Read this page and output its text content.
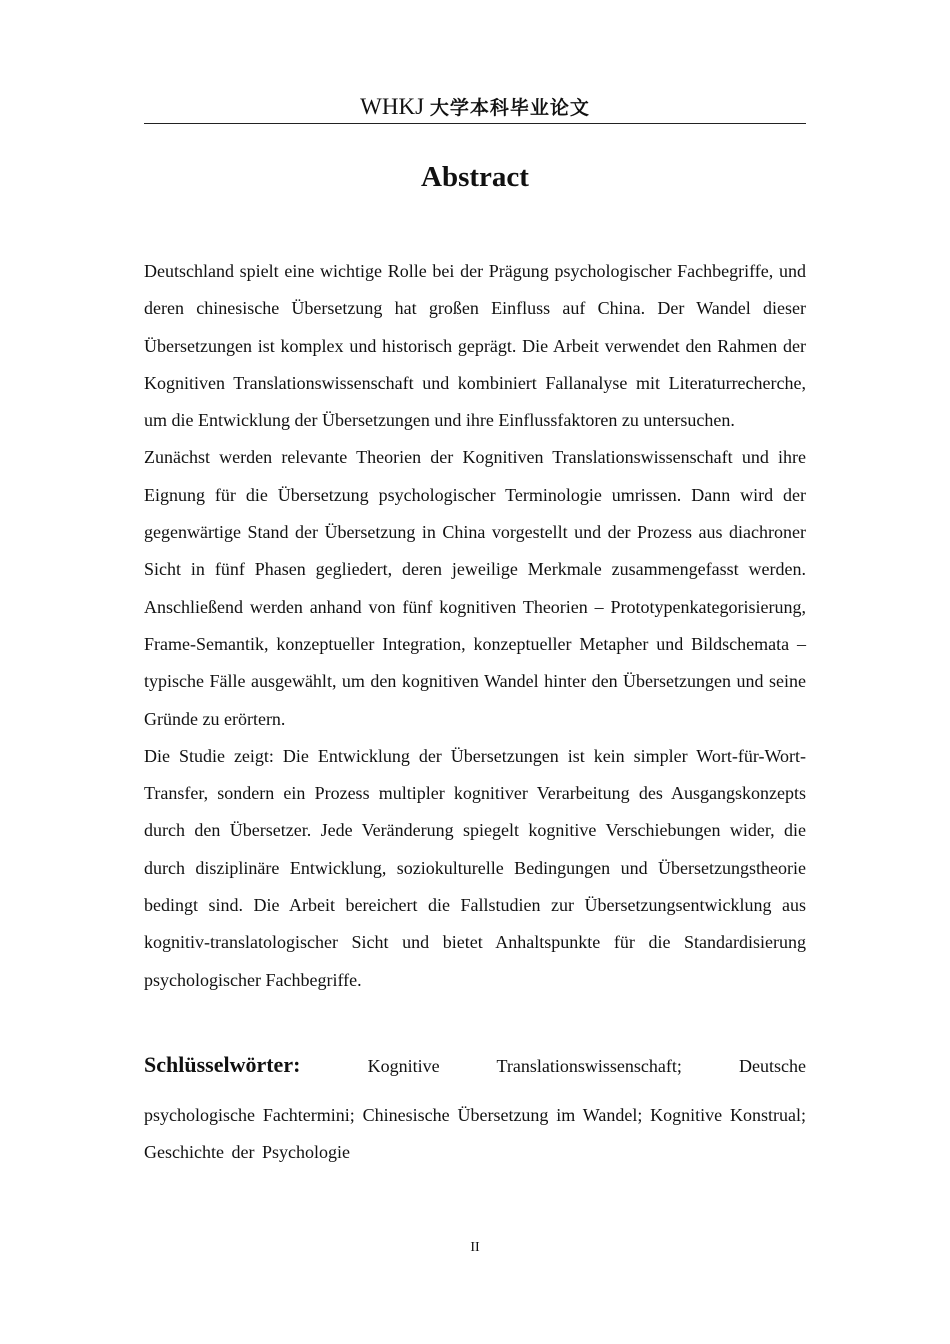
WHKJ 大学本科毕业论文
Abstract

Deutschland spielt eine wichtige Rolle bei der Prägung psychologischer Fachbegriffe, und deren chinesische Übersetzung hat großen Einfluss auf China. Der Wandel dieser Übersetzungen ist komplex und historisch geprägt. Die Arbeit verwendet den Rahmen der Kognitiven Translationswissenschaft und kombiniert Fallanalyse mit Literaturrecherche, um die Entwicklung der Übersetzungen und ihre Einflussfaktoren zu untersuchen.

Zunächst werden relevante Theorien der Kognitiven Translationswissenschaft und ihre Eignung für die Übersetzung psychologischer Terminologie umrissen. Dann wird der gegenwärtige Stand der Übersetzung in China vorgestellt und der Prozess aus diachroner Sicht in fünf Phasen gegliedert, deren jeweilige Merkmale zusammengefasst werden. Anschließend werden anhand von fünf kognitiven Theorien – Prototypenkategorisierung, Frame-Semantik, konzeptueller Integration, konzeptueller Metapher und Bildschemata – typische Fälle ausgewählt, um den kognitiven Wandel hinter den Übersetzungen und seine Gründe zu erörtern.

Die Studie zeigt: Die Entwicklung der Übersetzungen ist kein simpler Wort-für-Wort-Transfer, sondern ein Prozess multipler kognitiver Verarbeitung des Ausgangskonzepts durch den Übersetzer. Jede Veränderung spiegelt kognitive Verschiebungen wider, die durch disziplinäre Entwicklung, soziokulturelle Bedingungen und Übersetzungstheorie bedingt sind. Die Arbeit bereichert die Fallstudien zur Übersetzungsentwicklung aus kognitiv-translatologischer Sicht und bietet Anhaltspunkte für die Standardisierung psychologischer Fachbegriffe.

Schlüsselwörter:	Kognitive Translationswissenschaft; Deutsche
psychologische Fachtermini; Chinesische Übersetzung im Wandel; Kognitive Konstrual; Geschichte der Psychologie
II
